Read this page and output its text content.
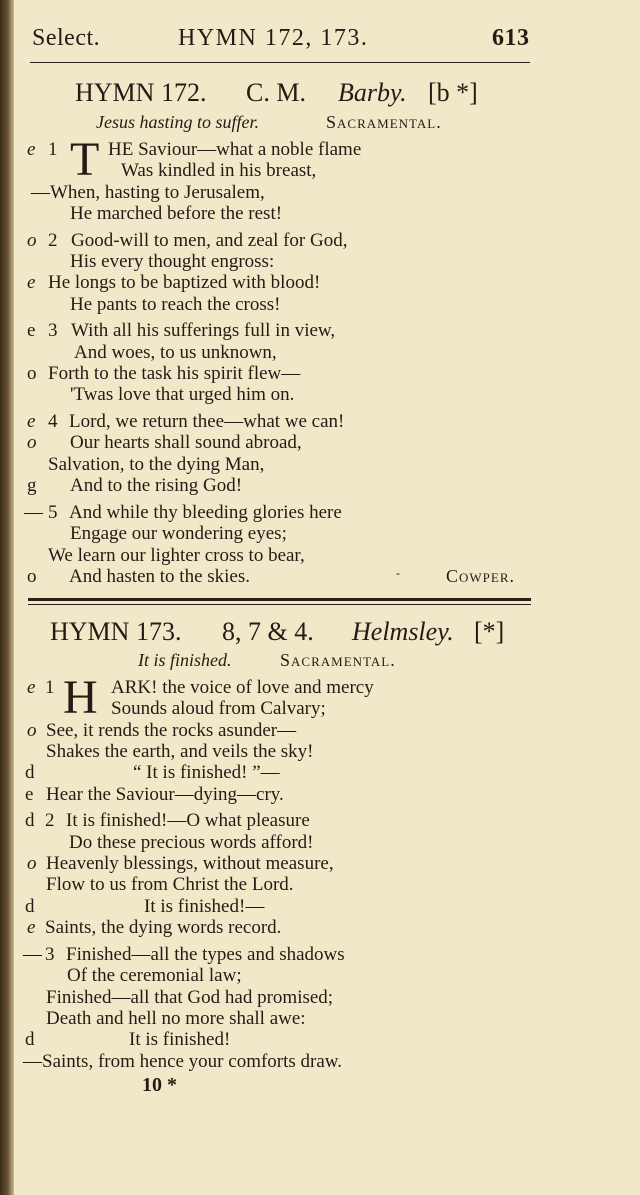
Select.	HYMN 172, 173.	613
HYMN 172. C. M. Barby. [b *]
Jesus hasting to suffer.	Sacramental.
T
e 1	HE Saviour—what a noble flame
Was kindled in his breast,
—When, hasting to Jerusalem,
He marched before the rest!
o 2 Good-will to men, and zeal for God,
His every thought engross:
e He longs to be baptized with blood!
He pants to reach the cross!
e 3 With all his sufferings full in view,
And woes, to us unknown,
o Forth to the task his spirit flew—
'Twas love that urged him on.
e 4 Lord, we return thee—what we can!
o Our hearts shall sound abroad,
Salvation, to the dying Man,
g And to the rising God!
— 5 And while thy bleeding glories here
Engage our wondering eyes;
We learn our lighter cross to bear,
o And hasten to the skies.	-	Cowper.
HYMN 173. 8, 7 & 4. Helmsley. [*]
It is finished.	Sacramental.
H
e 1	ARK! the voice of love and mercy
Sounds aloud from Calvary;
o See, it rends the rocks asunder—
Shakes the earth, and veils the sky!
d	“ It is finished! ”—
e Hear the Saviour—dying—cry.
d 2 It is finished!—O what pleasure
Do these precious words afford!
o Heavenly blessings, without measure,
Flow to us from Christ the Lord.
d	It is finished!—
e Saints, the dying words record.
— 3 Finished—all the types and shadows
Of the ceremonial law;
Finished—all that God had promised;
Death and hell no more shall awe:
d	It is finished!
—Saints, from hence your comforts draw.
10 *
